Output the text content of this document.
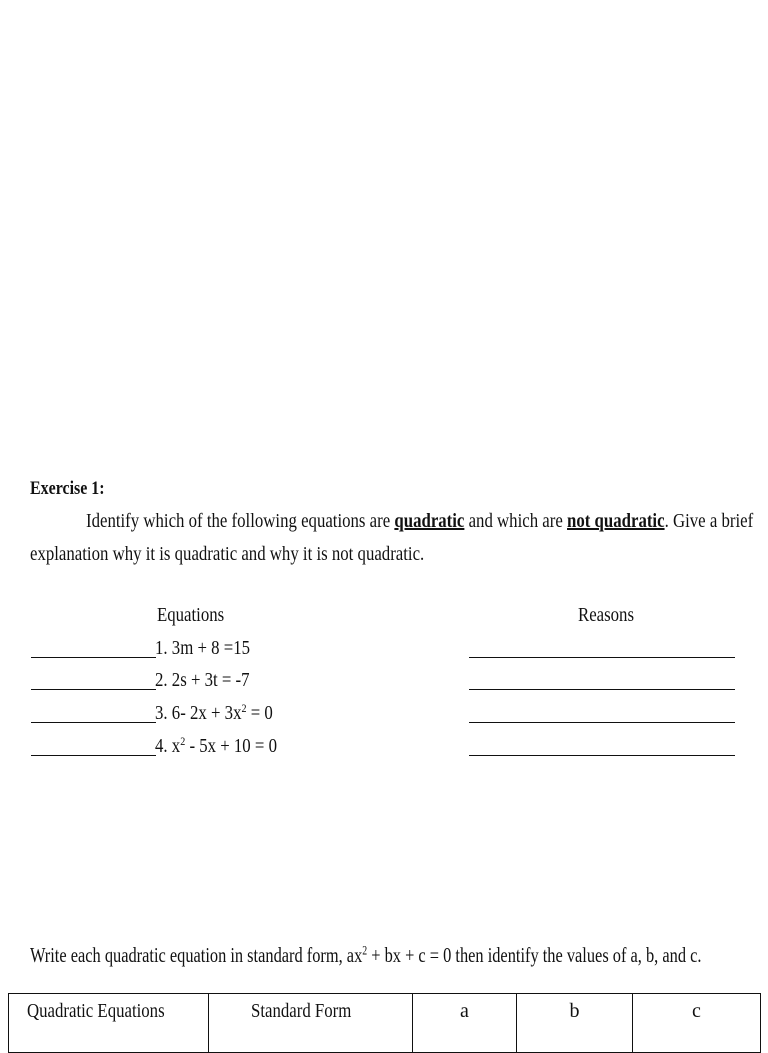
Exercise 1:
Identify which of the following equations are quadratic and which are not quadratic. Give a brief
explanation why it is quadratic and why it is not quadratic.
Equations	Reasons
1. 3m + 8 =15
2. 2s + 3t = -7
3. 6- $2x + 3x^2 = 0$
4. $x^2 - 5x + 10 = 0$
Write each quadratic equation in standard form, $ax^2$ + bx + c = 0 then identify the values of a, b, and c.
Quadratic Equations	Standard Form	a	b	c
